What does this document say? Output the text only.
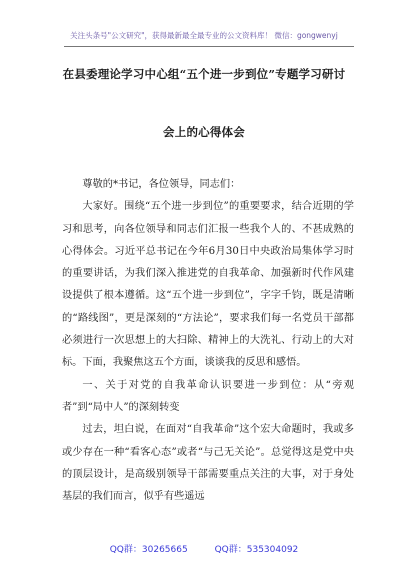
关注头条号"公文研究"，获得最新最全最专业的公文资料库！ 微信：gongwenyj
在县委理论学习中心组“五个进一步到位”专题学习研讨
会上的心得体会

尊敬的*书记，各位领导，同志们：

大家好。围绕“五个进一步到位”的重要要求，结合近期的学习和思考，向各位领导和同志们汇报一些我个人的、不甚成熟的心得体会。习近平总书记在今年6月30日中央政治局集体学习时的重要讲话，为我们深入推进党的自我革命、加强新时代作风建设提供了根本遵循。这“五个进一步到位”，字字千钧，既是清晰的“路线图”，更是深刻的“方法论”，要求我们每一名党员干部都必须进行一次思想上的大扫除、精神上的大洗礼、行动上的大对标。下面，我聚焦这五个方面，谈谈我的反思和感悟。

一、关于对党的自我革命认识要进一步到位：从“旁观者”到“局中人”的深刻转变

过去，坦白说，在面对“自我革命”这个宏大命题时，我或多或少存在一种“看客心态”或者“与己无关论”。总觉得这是党中央的顶层设计，是高级别领导干部需要重点关注的大事，对于身处基层的我们而言，似乎有些遥远

QQ群：30265665	QQ群：535304092
